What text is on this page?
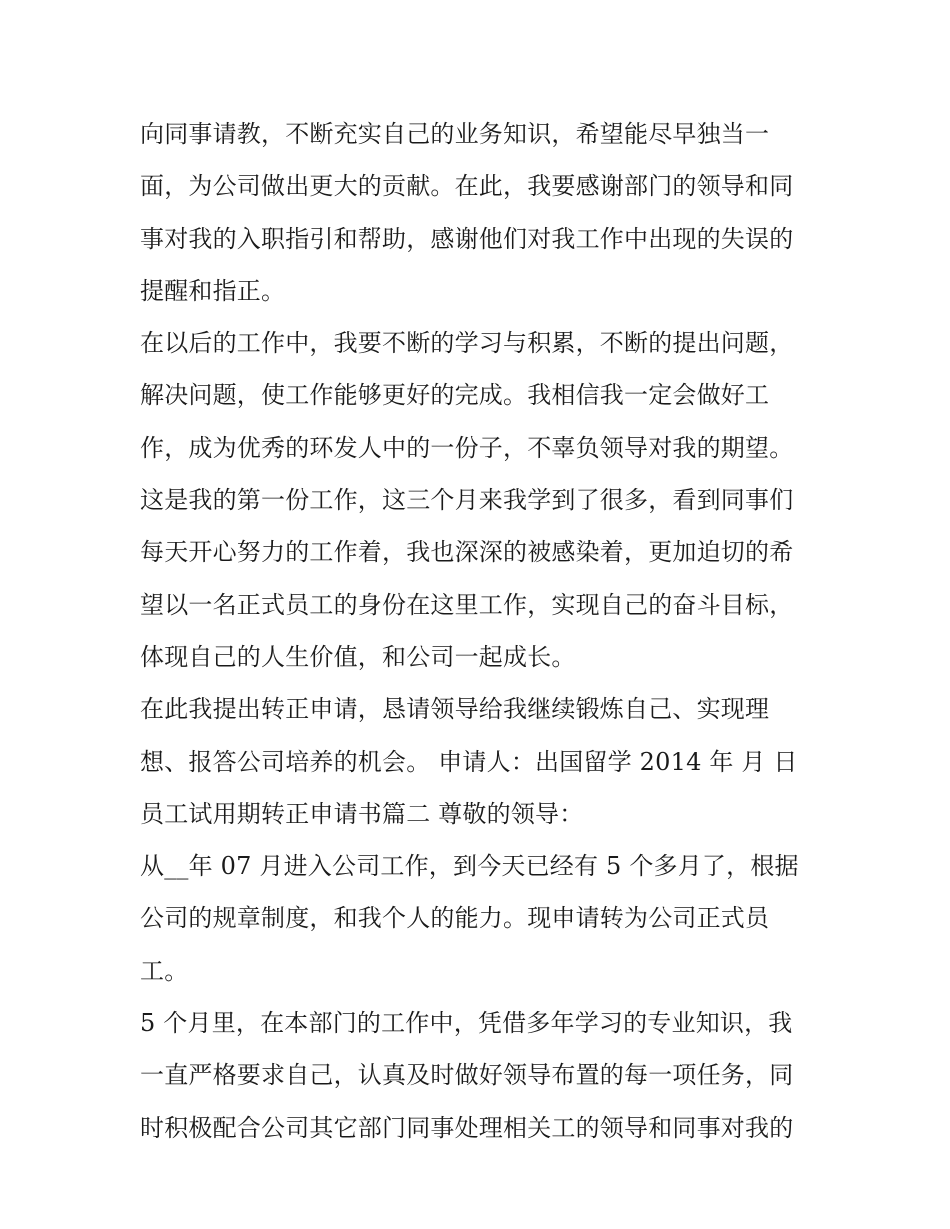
向同事请教，不断充实自己的业务知识，希望能尽早独当一
面，为公司做出更大的贡献。在此，我要感谢部门的领导和同
事对我的入职指引和帮助，感谢他们对我工作中出现的失误的
提醒和指正。
在以后的工作中，我要不断的学习与积累，不断的提出问题，
解决问题，使工作能够更好的完成。我相信我一定会做好工
作，成为优秀的环发人中的一份子，不辜负领导对我的期望。
这是我的第一份工作，这三个月来我学到了很多，看到同事们
每天开心努力的工作着，我也深深的被感染着，更加迫切的希
望以一名正式员工的身份在这里工作，实现自己的奋斗目标，
体现自己的人生价值，和公司一起成长。
在此我提出转正申请，恳请领导给我继续锻炼自己、实现理
想、报答公司培养的机会。 申请人：出国留学 2014 年 月 日
员工试用期转正申请书篇二 尊敬的领导：
从__年 07 月进入公司工作，到今天已经有 5 个多月了，根据
公司的规章制度，和我个人的能力。现申请转为公司正式员
工。
5 个月里，在本部门的工作中，凭借多年学习的专业知识，我
一直严格要求自己，认真及时做好领导布置的每一项任务，同
时积极配合公司其它部门同事处理相关工的领导和同事对我的
